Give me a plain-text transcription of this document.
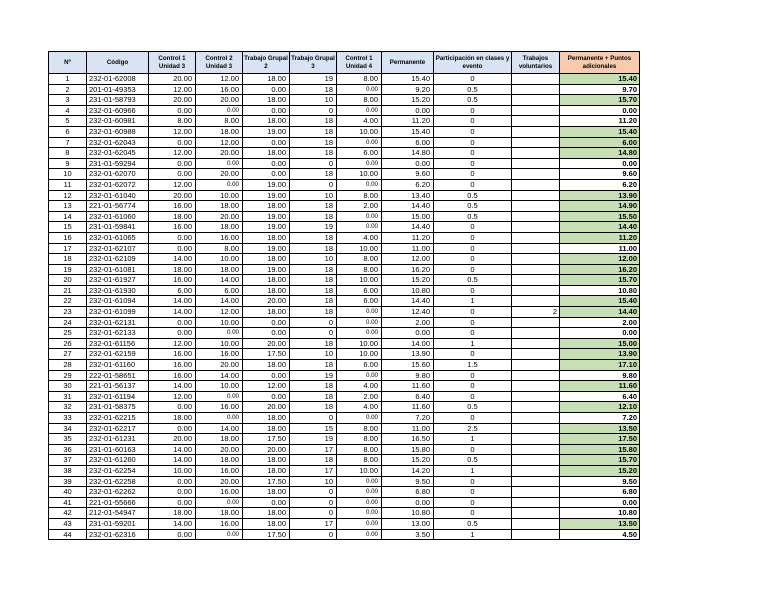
Nº	Código	Control 1 Unidad 3	Control 2 Unidad 3	Trabajo Grupal 2	Trabajo Grupal 3	Control 1 Unidad 4	Permanente	Participación en clases y evento	Trabajos voluntarios	Permanente + Puntos adicionales
1	232-01-62008	20.00	12.00	18.00	19	8.00	15.40	0		15.40
2	201-01-49353	12.00	16.00	0.00	18	0.00	9.20	0.5		9.70
3	231-01-58793	20.00	20.00	18.00	10	8.00	15.20	0.5		15.70
4	232-01-60966	0.00	0.00	0.00	0	0.00	0.00	0		0.00
5	232-01-60981	8.00	8.00	18.00	18	4.00	11.20	0		11.20
6	232-01-60988	12.00	18.00	19.00	18	10.00	15.40	0		15.40
7	232-01-62043	0.00	12.00	0.00	18	0.00	6.00	0		6.00
8	232-01-62045	12.00	20.00	18.00	18	6.00	14.80	0		14.80
9	231-01-59294	0.00	0.00	0.00	0	0.00	0.00	0		0.00
10	232-01-62070	0.00	20.00	0.00	18	10.00	9.60	0		9.60
11	232-01-62072	12.00	0.00	19.00	0	0.00	6.20	0		6.20
12	232-01-61040	20.00	10.00	19.00	10	8.00	13.40	0.5		13.90
13	221-01-56774	16.00	18.00	18.00	18	2.00	14.40	0.5		14.90
14	232-01-61060	18.00	20.00	19.00	18	0.00	15.00	0.5		15.50
15	231-01-59841	16.00	18.00	19.00	19	0.00	14.40	0		14.40
16	232-01-61065	0.00	16.00	18.00	18	4.00	11.20	0		11.20
17	232-01-62107	0.00	8.00	19.00	18	10.00	11.00	0		11.00
18	232-01-62109	14.00	10.00	18.00	10	8.00	12.00	0		12.00
19	232-01-61081	18.00	18.00	19.00	18	8.00	16.20	0		16.20
20	232-01-61927	16.00	14.00	18.00	18	10.00	15.20	0.5		15.70
21	232-01-61930	6.00	6.00	18.00	18	6.00	10.80	0		10.80
22	232-01-61094	14.00	14.00	20.00	18	6.00	14.40	1		15.40
23	232-01-61099	14.00	12.00	18.00	18	0.00	12.40	0	2	14.40
24	232-01-62131	0.00	10.00	0.00	0	0.00	2.00	0		2.00
25	232-01-62133	0.00	0.00	0.00	0	0.00	0.00	0		0.00
26	232-01-61156	12.00	10.00	20.00	18	10.00	14.00	1		15.00
27	232-01-62159	16.00	16.00	17.50	10	10.00	13.90	0		13.90
28	232-01-61160	16.00	20.00	18.00	18	6.00	15.60	1.5		17.10
29	222-01-58651	16.00	14.00	0.00	19	0.00	9.80	0		9.80
30	221-01-56137	14.00	10.00	12.00	18	4.00	11.60	0		11.60
31	232-01-61194	12.00	0.00	0.00	18	2.00	6.40	0		6.40
32	231-01-58375	0.00	16.00	20.00	18	4.00	11.60	0.5		12.10
33	232-01-62215	18.00	0.00	18.00	0	0.00	7.20	0		7.20
34	232-01-62217	0.00	14.00	18.00	15	8.00	11.00	2.5		13.50
35	232-01-61231	20.00	18.00	17.50	19	8.00	16.50	1		17.50
36	231-01-60163	14.00	20.00	20.00	17	8.00	15.80	0		15.80
37	232-01-61260	14.00	18.00	18.00	18	8.00	15.20	0.5		15.70
38	232-01-62254	10.00	16.00	18.00	17	10.00	14.20	1		15.20
39	232-01-62258	0.00	20.00	17.50	10	0.00	9.50	0		9.50
40	232-01-62262	0.00	16.00	18.00	0	0.00	6.80	0		6.80
41	221-01-55666	0.00	0.00	0.00	0	0.00	0.00	0		0.00
42	212-01-54947	18.00	18.00	18.00	0	0.00	10.80	0		10.80
43	231-01-59201	14.00	16.00	18.00	17	0.00	13.00	0.5		13.50
44	232-01-62316	0.00	0.00	17.50	0	0.00	3.50	1		4.50
